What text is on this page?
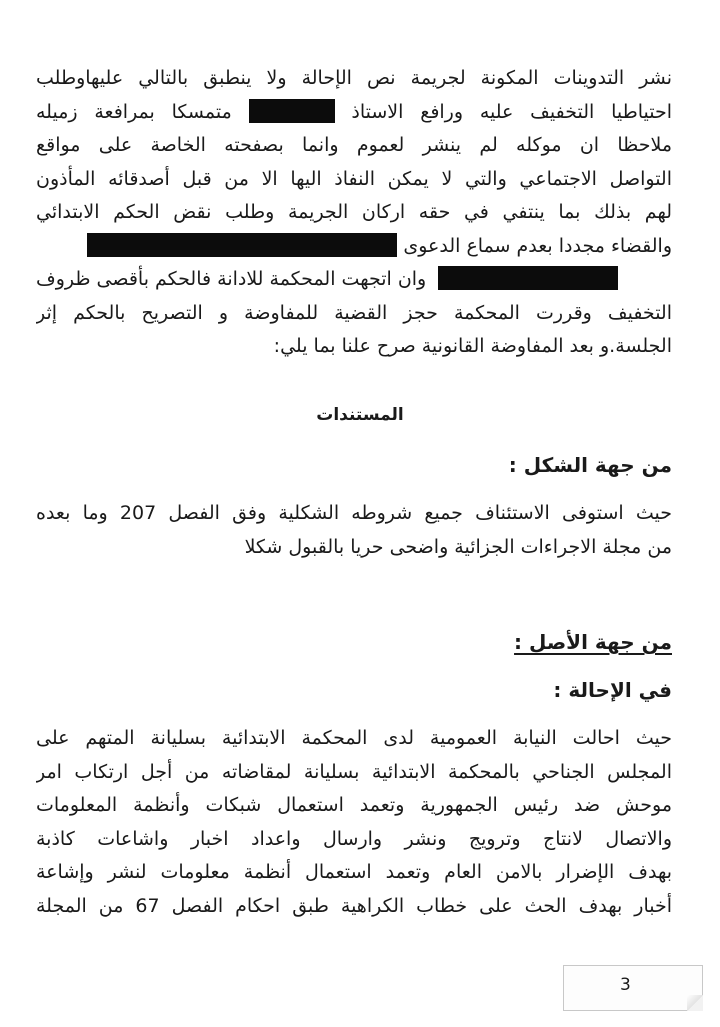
نشر التدوينات المكونة لجريمة نص الإحالة ولا ينطبق بالتالي عليهاوطلب
احتياطيا التخفيف عليه ورافع الاستاذ  متمسكا بمرافعة زميله
ملاحظا ان موكله لم ينشر لعموم وانما بصفحته الخاصة على مواقع
التواصل الاجتماعي والتي لا يمكن النفاذ اليها الا من قبل أصدقائه المأذون
لهم بذلك بما ينتفي في حقه اركان الجريمة وطلب نقض الحكم الابتدائي
والقضاء مجددا بعدم سماع الدعوى
وان اتجهت المحكمة للادانة فالحكم بأقصى ظروف
التخفيف وقررت المحكمة حجز القضية للمفاوضة و التصريح بالحكم إثر
الجلسة.و بعد المفاوضة القانونية صرح علنا بما يلي:
المستندات
من جهة الشكل :
حيث استوفى الاستئناف جميع شروطه الشكلية وفق الفصل 207 وما بعده
من مجلة الاجراءات الجزائية واضحى حريا بالقبول شكلا
من جهة الأصل :
في الإحالة :
حيث احالت النيابة العمومية لدى المحكمة الابتدائية بسليانة المتهم على
المجلس الجناحي بالمحكمة الابتدائية بسليانة لمقاضاته من أجل ارتكاب امر
موحش ضد رئيس الجمهورية وتعمد استعمال شبكات وأنظمة المعلومات
والاتصال لانتاج وترويج ونشر وارسال واعداد اخبار واشاعات كاذبة
بهدف الإضرار بالامن العام وتعمد استعمال أنظمة معلومات لنشر وإشاعة
أخبار بهدف الحث على خطاب الكراهية طبق احكام الفصل 67 من المجلة
3
